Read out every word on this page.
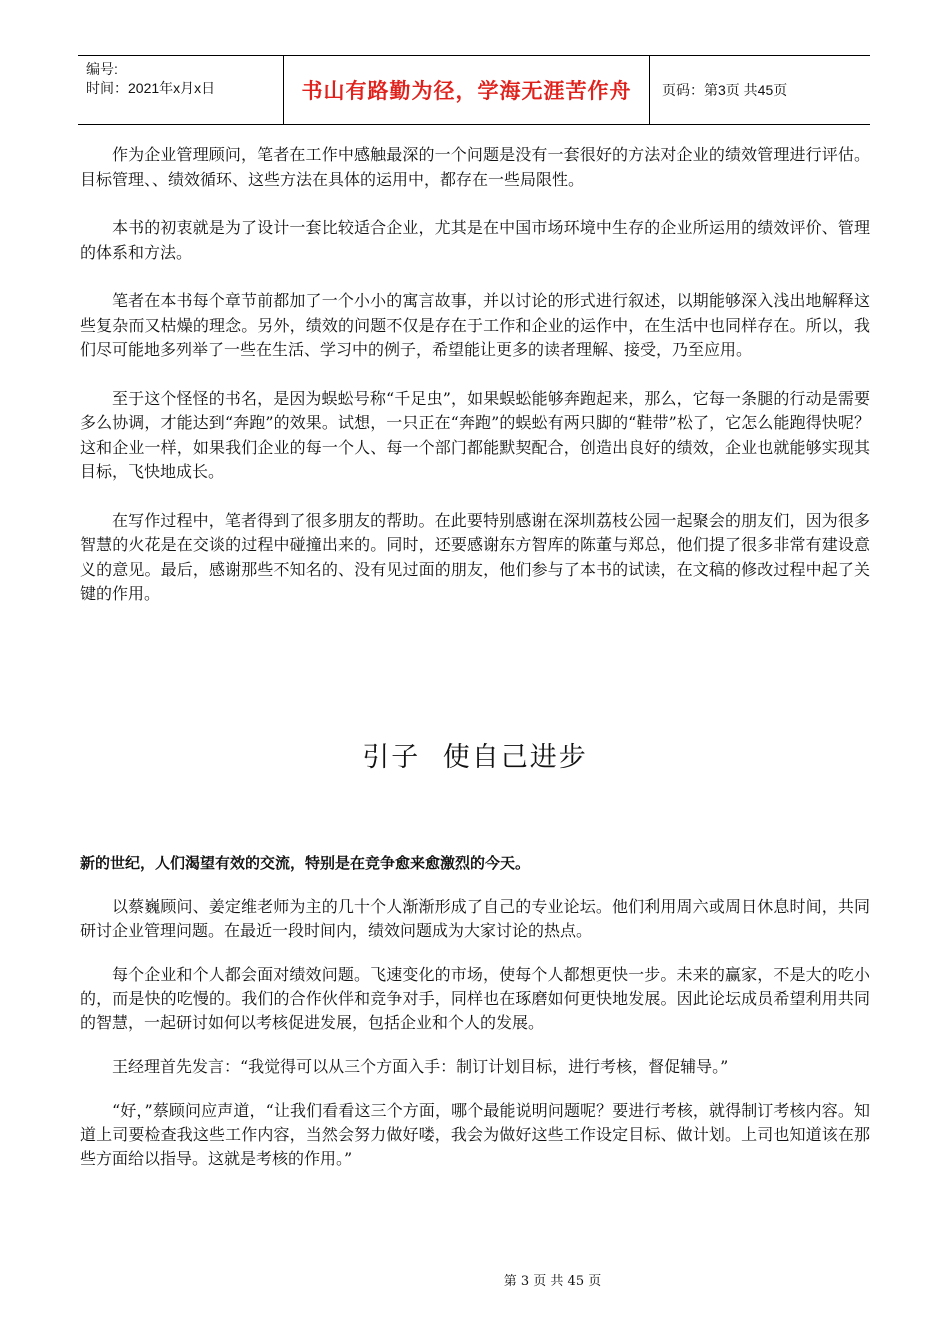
编号:
时间：2021年x月x日	书山有路勤为径，学海无涯苦作舟	页码：第3页 共45页

作为企业管理顾问，笔者在工作中感触最深的一个问题是没有一套很好的方法对企业的绩效管理进行评估。目标管理、、绩效循环、这些方法在具体的运用中，都存在一些局限性。

本书的初衷就是为了设计一套比较适合企业，尤其是在中国市场环境中生存的企业所运用的绩效评价、管理的体系和方法。

笔者在本书每个章节前都加了一个小小的寓言故事，并以讨论的形式进行叙述，以期能够深入浅出地解释这些复杂而又枯燥的理念。另外，绩效的问题不仅是存在于工作和企业的运作中，在生活中也同样存在。所以，我们尽可能地多列举了一些在生活、学习中的例子，希望能让更多的读者理解、接受，乃至应用。

至于这个怪怪的书名，是因为蜈蚣号称“千足虫”，如果蜈蚣能够奔跑起来，那么，它每一条腿的行动是需要多么协调，才能达到“奔跑”的效果。试想，一只正在“奔跑”的蜈蚣有两只脚的“鞋带”松了，它怎么能跑得快呢？这和企业一样，如果我们企业的每一个人、每一个部门都能默契配合，创造出良好的绩效，企业也就能够实现其目标，飞快地成长。

在写作过程中，笔者得到了很多朋友的帮助。在此要特别感谢在深圳荔枝公园一起聚会的朋友们，因为很多智慧的火花是在交谈的过程中碰撞出来的。同时，还要感谢东方智库的陈董与郑总，他们提了很多非常有建设意义的意见。最后，感谢那些不知名的、没有见过面的朋友，他们参与了本书的试读，在文稿的修改过程中起了关键的作用。

引子 使自己进步

新的世纪，人们渴望有效的交流，特别是在竞争愈来愈激烈的今天。

以蔡巍顾问、姜定维老师为主的几十个人渐渐形成了自己的专业论坛。他们利用周六或周日休息时间，共同研讨企业管理问题。在最近一段时间内，绩效问题成为大家讨论的热点。

每个企业和个人都会面对绩效问题。飞速变化的市场，使每个人都想更快一步。未来的赢家，不是大的吃小的，而是快的吃慢的。我们的合作伙伴和竞争对手，同样也在琢磨如何更快地发展。因此论坛成员希望利用共同的智慧，一起研讨如何以考核促进发展，包括企业和个人的发展。

王经理首先发言：“我觉得可以从三个方面入手：制订计划目标，进行考核，督促辅导。”

“好，”蔡顾问应声道，“让我们看看这三个方面，哪个最能说明问题呢？要进行考核，就得制订考核内容。知道上司要检查我这些工作内容，当然会努力做好喽，我会为做好这些工作设定目标、做计划。上司也知道该在那些方面给以指导。这就是考核的作用。”

第 3 页 共 45 页
